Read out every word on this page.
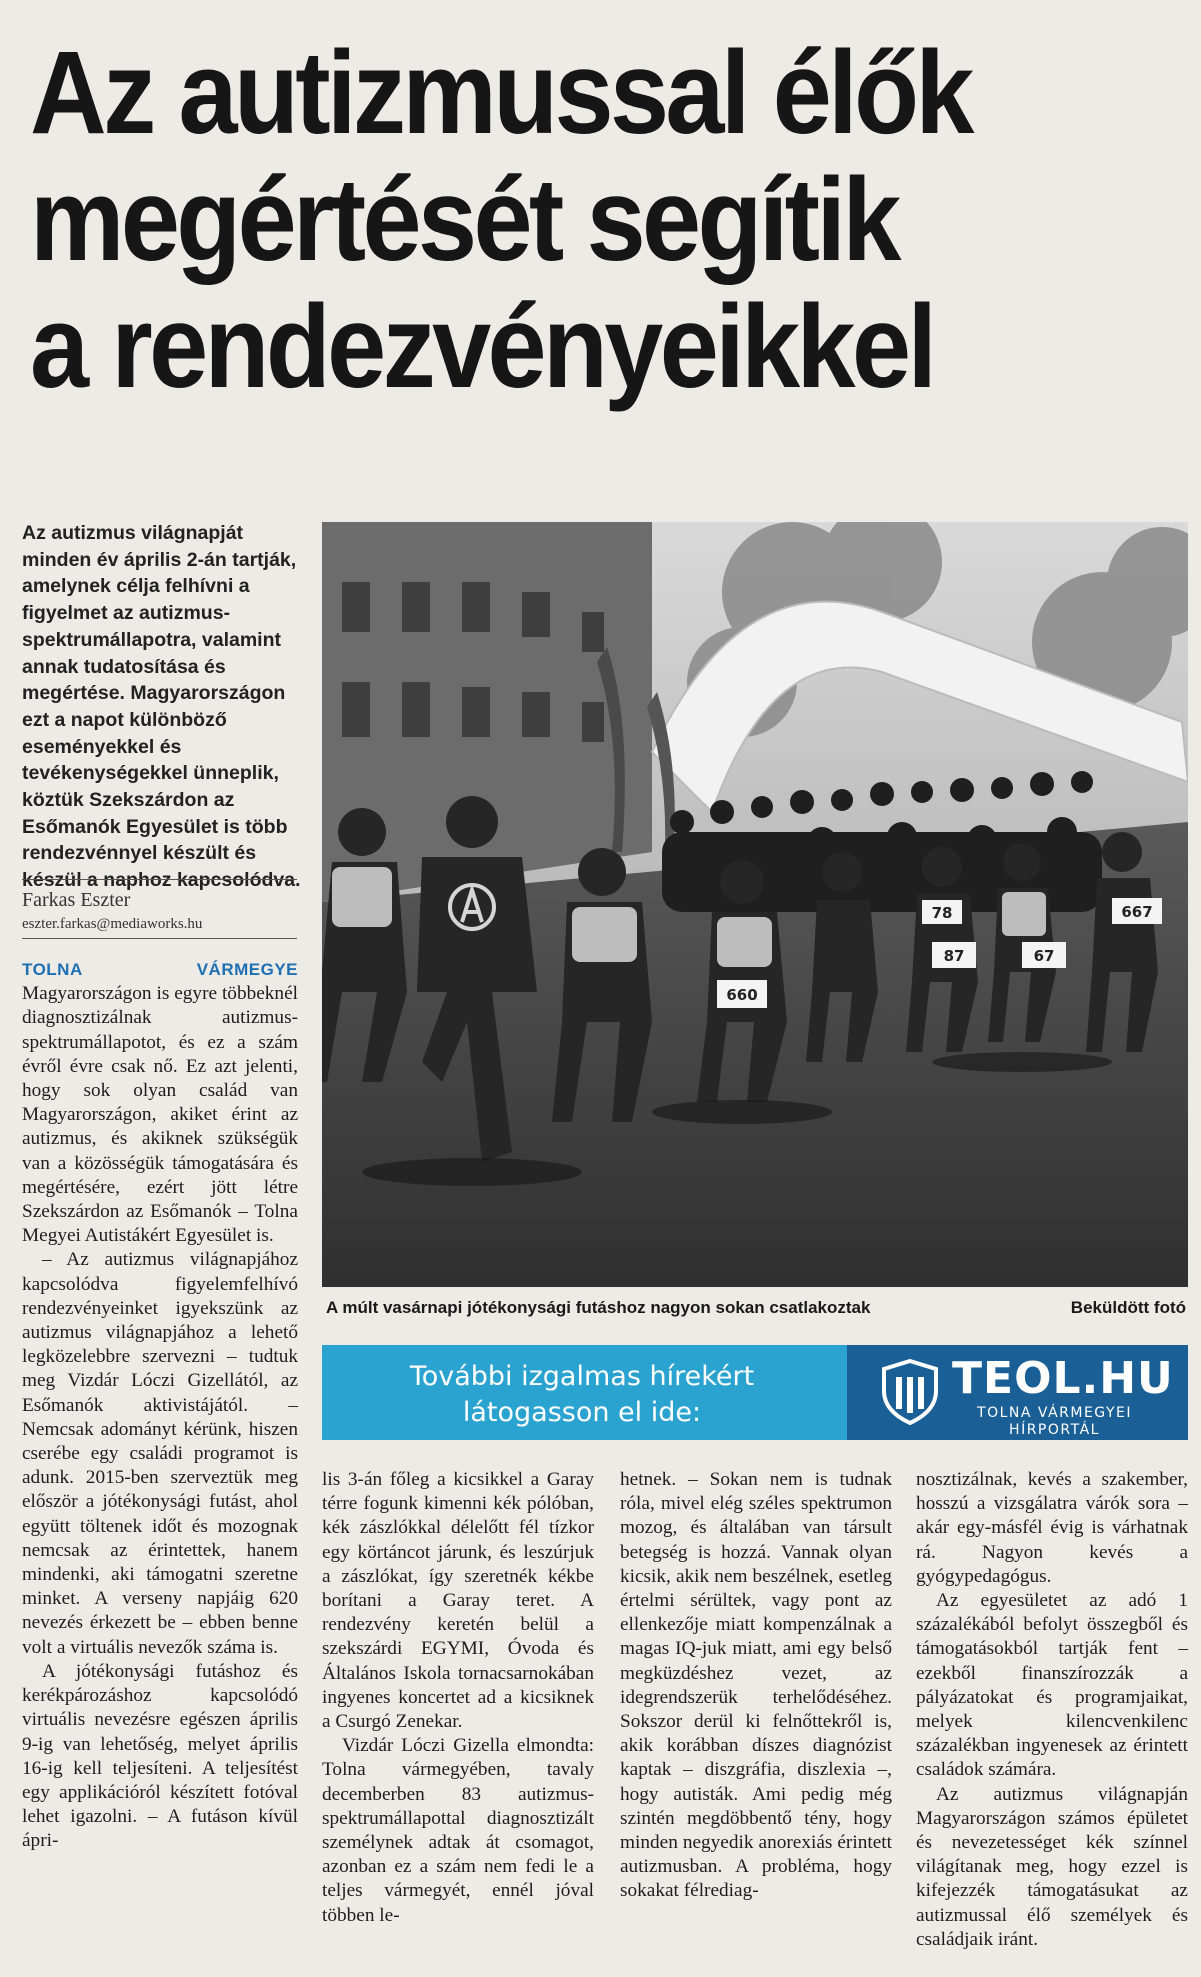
Az autizmussal élők
megértését segítik
a rendezvényeikkel
Az autizmus világnapját minden év április 2-án tartják, amelynek célja felhívni a figyelmet az autizmus-spektrumállapotra, valamint annak tudatosítása és megértése. Magyarországon ezt a napot különböző eseményekkel és tevékenységekkel ünneplik, köztük Szekszárdon az Esőmanók Egyesület is több rendezvénnyel készült és készül a naphoz kapcsolódva.
Farkas Eszter
eszter.farkas@mediaworks.hu

TOLNA VÁRMEGYE Magyarországon is egyre többeknél diagnosztizálnak autizmus-spektrumállapotot, és ez a szám évről évre csak nő. Ez azt jelenti, hogy sok olyan család van Magyarországon, akiket érint az autizmus, és akiknek szükségük van a közösségük támogatására és megértésére, ezért jött létre Szekszárdon az Esőmanók – Tolna Megyei Autistákért Egyesület is.

– Az autizmus világnapjához kapcsolódva figyelemfelhívó rendezvényeinket igyekszünk az autizmus világnapjához a lehető legközelebbre szervezni – tudtuk meg Vizdár Lóczi Gizellától, az Esőmanók aktivistájától. – Nemcsak adományt kérünk, hiszen cserébe egy családi programot is adunk. 2015-ben szerveztük meg először a jótékonysági futást, ahol együtt töltenek időt és mozognak nemcsak az érintettek, hanem mindenki, aki támogatni szeretne minket. A verseny napjáig 620 nevezés érkezett be – ebben benne volt a virtuális nevezők száma is.

A jótékonysági futáshoz és kerékpározáshoz kapcsolódó virtuális nevezésre egészen április 9-ig van lehetőség, melyet április 16-ig kell teljesíteni. A teljesítést egy applikációról készített fotóval lehet igazolni. – A futáson kívül ápri-

660
87	67
667
78
A múlt vasárnapi jótékonysági futáshoz nagyon sokan csatlakoztak	Beküldött fotó
További izgalmas hírekért
látogasson el ide:
TEOL.HU
TOLNA VÁRMEGYEI
HÍRPORTÁL

lis 3-án főleg a kicsikkel a Garay térre fogunk kimenni kék pólóban, kék zászlókkal délelőtt fél tízkor egy körtáncot járunk, és leszúrjuk a zászlókat, így szeretnék kékbe borítani a Garay teret. A rendezvény keretén belül a szekszárdi EGYMI, Óvoda és Általános Iskola tornacsarnokában ingyenes koncertet ad a kicsiknek a Csurgó Zenekar.

Vizdár Lóczi Gizella elmondta: Tolna vármegyében, tavaly decemberben 83 autizmus-spektrumállapottal diagnosztizált személynek adtak át csomagot, azonban ez a szám nem fedi le a teljes vármegyét, ennél jóval többen le-

hetnek. – Sokan nem is tudnak róla, mivel elég széles spektrumon mozog, és általában van társult betegség is hozzá. Vannak olyan kicsik, akik nem beszélnek, esetleg értelmi sérültek, vagy pont az ellenkezője miatt kompenzálnak a magas IQ-juk miatt, ami egy belső megküzdéshez vezet, az idegrendszerük terhelődéséhez. Sokszor derül ki felnőttekről is, akik korábban díszes diagnózist kaptak – diszgráfia, diszlexia –, hogy autisták. Ami pedig még szintén megdöbbentő tény, hogy minden negyedik anorexiás érintett autizmusban. A probléma, hogy sokakat félrediag-

nosztizálnak, kevés a szakember, hosszú a vizsgálatra várók sora – akár egy-másfél évig is várhatnak rá. Nagyon kevés a gyógypedagógus.

Az egyesületet az adó 1 százalékából befolyt összegből és támogatásokból tartják fent – ezekből finanszírozzák a pályázatokat és programjaikat, melyek kilencvenkilenc százalékban ingyenesek az érintett családok számára.

Az autizmus világnapján Magyarországon számos épületet és nevezetességet kék színnel világítanak meg, hogy ezzel is kifejezzék támogatásukat az autizmussal élő személyek és családjaik iránt.
